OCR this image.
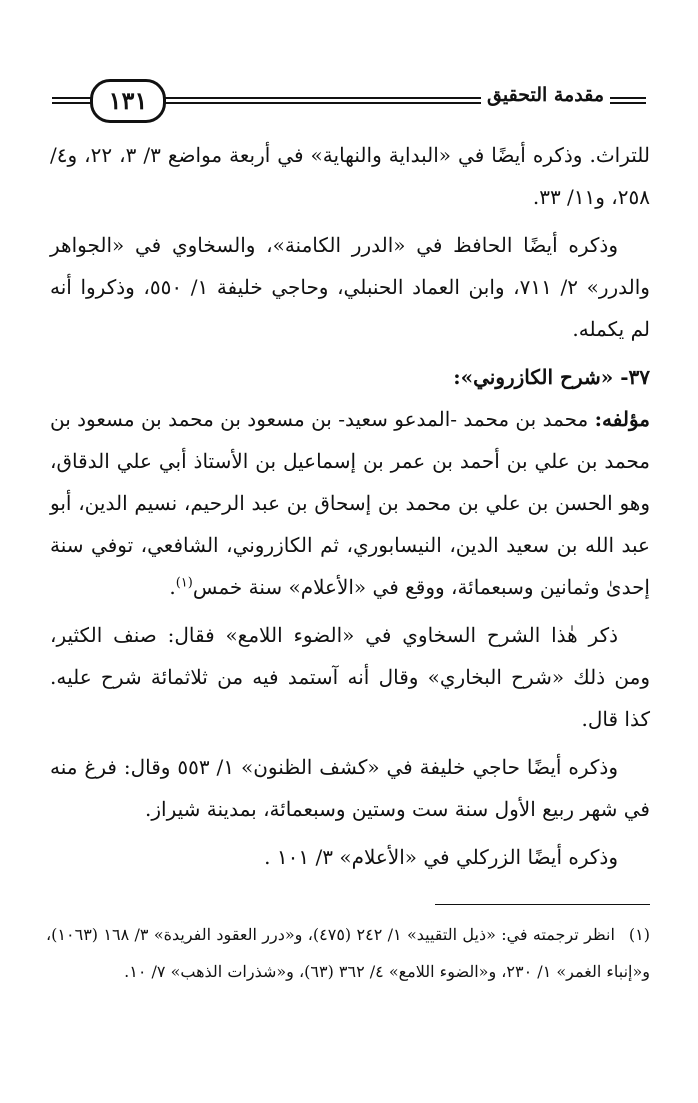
١٣١	مقدمة التحقيق

للتراث. وذكره أيضًا في «البداية والنهاية» في أربعة مواضع ٣/ ٣، ٢٢، و٤/ ٢٥٨، و١١/ ٣٣.

وذكره أيضًا الحافظ في «الدرر الكامنة»، والسخاوي في «الجواهر والدرر» ٢/ ٧١١، وابن العماد الحنبلي، وحاجي خليفة ١/ ٥٥٠، وذكروا أنه لم يكمله.

٣٧- «شرح الكازروني»:

مؤلفه: محمد بن محمد -المدعو سعيد- بن مسعود بن محمد بن مسعود بن محمد بن علي بن أحمد بن عمر بن إسماعيل بن الأستاذ أبي علي الدقاق، وهو الحسن بن علي بن محمد بن إسحاق بن عبد الرحيم، نسيم الدين، أبو عبد الله بن سعيد الدين، النيسابوري، ثم الكازروني، الشافعي، توفي سنة إحدىٰ وثمانين وسبعمائة، ووقع في «الأعلام» سنة خمس$^{(١)}$.

ذكر هٰذا الشرح السخاوي في «الضوء اللامع» فقال: صنف الكثير، ومن ذلك «شرح البخاري» وقال أنه آستمد فيه من ثلاثمائة شرح عليه. كذا قال.

وذكره أيضًا حاجي خليفة في «كشف الظنون» ١/ ٥٥٣ وقال: فرغ منه في شهر ربيع الأول سنة ست وستين وسبعمائة، بمدينة شيراز.

وذكره أيضًا الزركلي في «الأعلام» ٣/ ١٠١ .

(١)انظر ترجمته في: «ذيل التقييد» ١/ ٢٤٢ (٤٧٥)، و«درر العقود الفريدة» ٣/ ١٦٨ (١٠٦٣)، و«إنباء الغمر» ١/ ٢٣٠، و«الضوء اللامع» ٤/ ٣٦٢ (٦٣)، و«شذرات الذهب» ٧/ ١٠.
